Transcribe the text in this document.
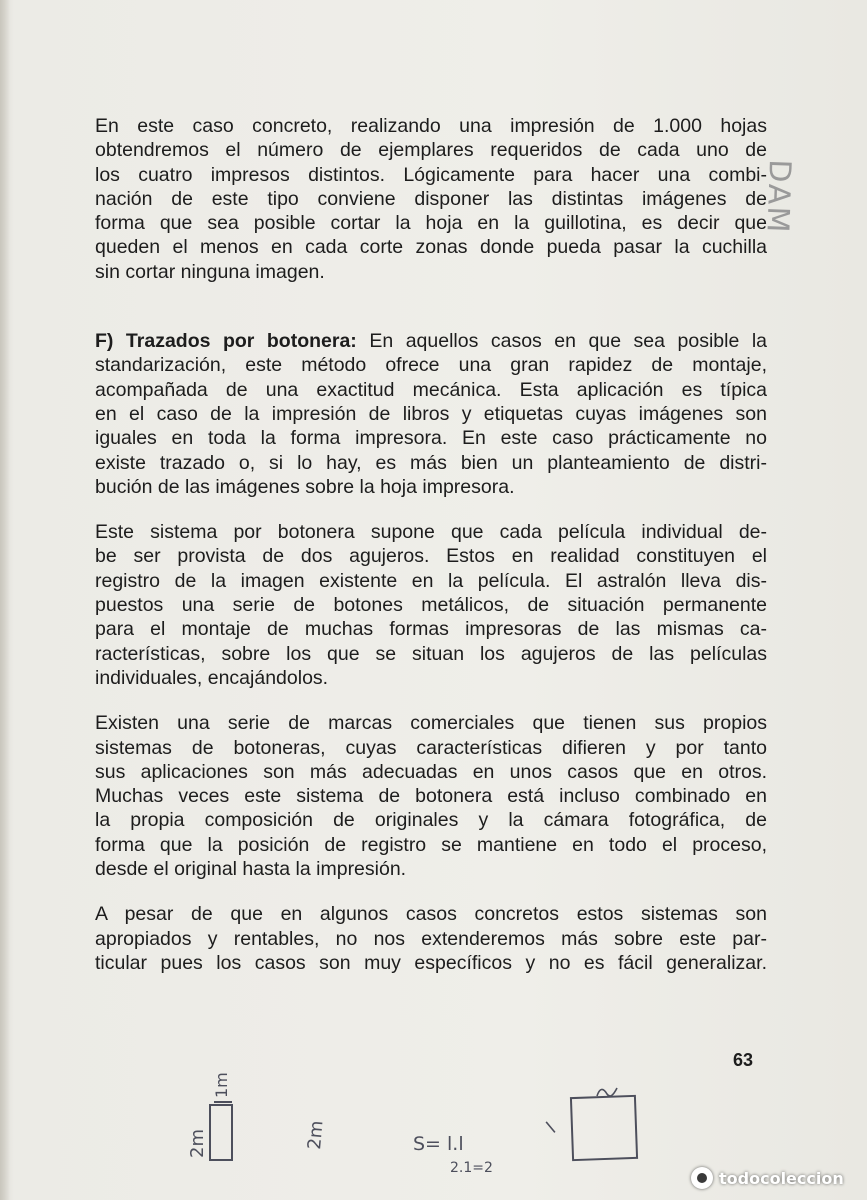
DAM
En este caso concreto, realizando una impresión de 1.000 hojas
obtendremos el número de ejemplares requeridos de cada uno de
los cuatro impresos distintos. Lógicamente para hacer una combi-
nación de este tipo conviene disponer las distintas imágenes de
forma que sea posible cortar la hoja en la guillotina, es decir que
queden el menos en cada corte zonas donde pueda pasar la cuchilla
sin cortar ninguna imagen.
F) Trazados por botonera: En aquellos casos en que sea posible la
standarización, este método ofrece una gran rapidez de montaje,
acompañada de una exactitud mecánica. Esta aplicación es típica
en el caso de la impresión de libros y etiquetas cuyas imágenes son
iguales en toda la forma impresora. En este caso prácticamente no
existe trazado o, si lo hay, es más bien un planteamiento de distri-
bución de las imágenes sobre la hoja impresora.
Este sistema por botonera supone que cada película individual de-
be ser provista de dos agujeros. Estos en realidad constituyen el
registro de la imagen existente en la película. El astralón lleva dis-
puestos una serie de botones metálicos, de situación permanente
para el montaje de muchas formas impresoras de las mismas ca-
racterísticas, sobre los que se situan los agujeros de las películas
individuales, encajándolos.
Existen una serie de marcas comerciales que tienen sus propios
sistemas de botoneras, cuyas características difieren y por tanto
sus aplicaciones son más adecuadas en unos casos que en otros.
Muchas veces este sistema de botonera está incluso combinado en
la propia composición de originales y la cámara fotográfica, de
forma que la posición de registro se mantiene en todo el proceso,
desde el original hasta la impresión.
A pesar de que en algunos casos concretos estos sistemas son
apropiados y rentables, no nos extenderemos más sobre este par-
ticular pues los casos son muy específicos y no es fácil generalizar.
63
2m
1m
2m	S= l.l
2.1=2
l
todocoleccion
